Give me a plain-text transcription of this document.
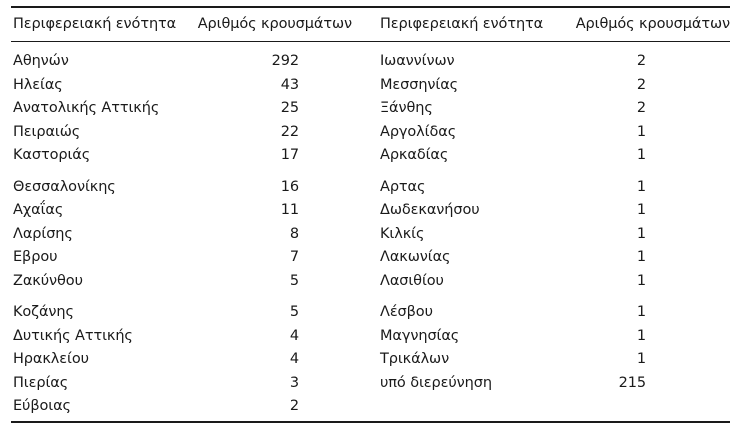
Περιφερειακή ενότητα	Αριθμός κρουσμάτων	Περιφερειακή ενότητα	Αριθμός κρουσμάτων
Αθηνών	292	Ιωαννίνων	2
Ηλείας	43	Μεσσηνίας	2
Ανατολικής Αττικής	25	Ξάνθης	2
Πειραιώς	22	Αργολίδας	1
Καστοριάς	17	Αρκαδίας	1
Θεσσαλονίκης	16	Αρτας	1
Αχαΐας	11	Δωδεκανήσου	1
Λαρίσης	8	Κιλκίς	1
Εβρου	7	Λακωνίας	1
Ζακύνθου	5	Λασιθίου	1
Κοζάνης	5	Λέσβου	1
Δυτικής Αττικής	4	Μαγνησίας	1
Ηρακλείου	4	Τρικάλων	1
Πιερίας	3	υπό διερεύνηση	215
Εύβοιας	2		
